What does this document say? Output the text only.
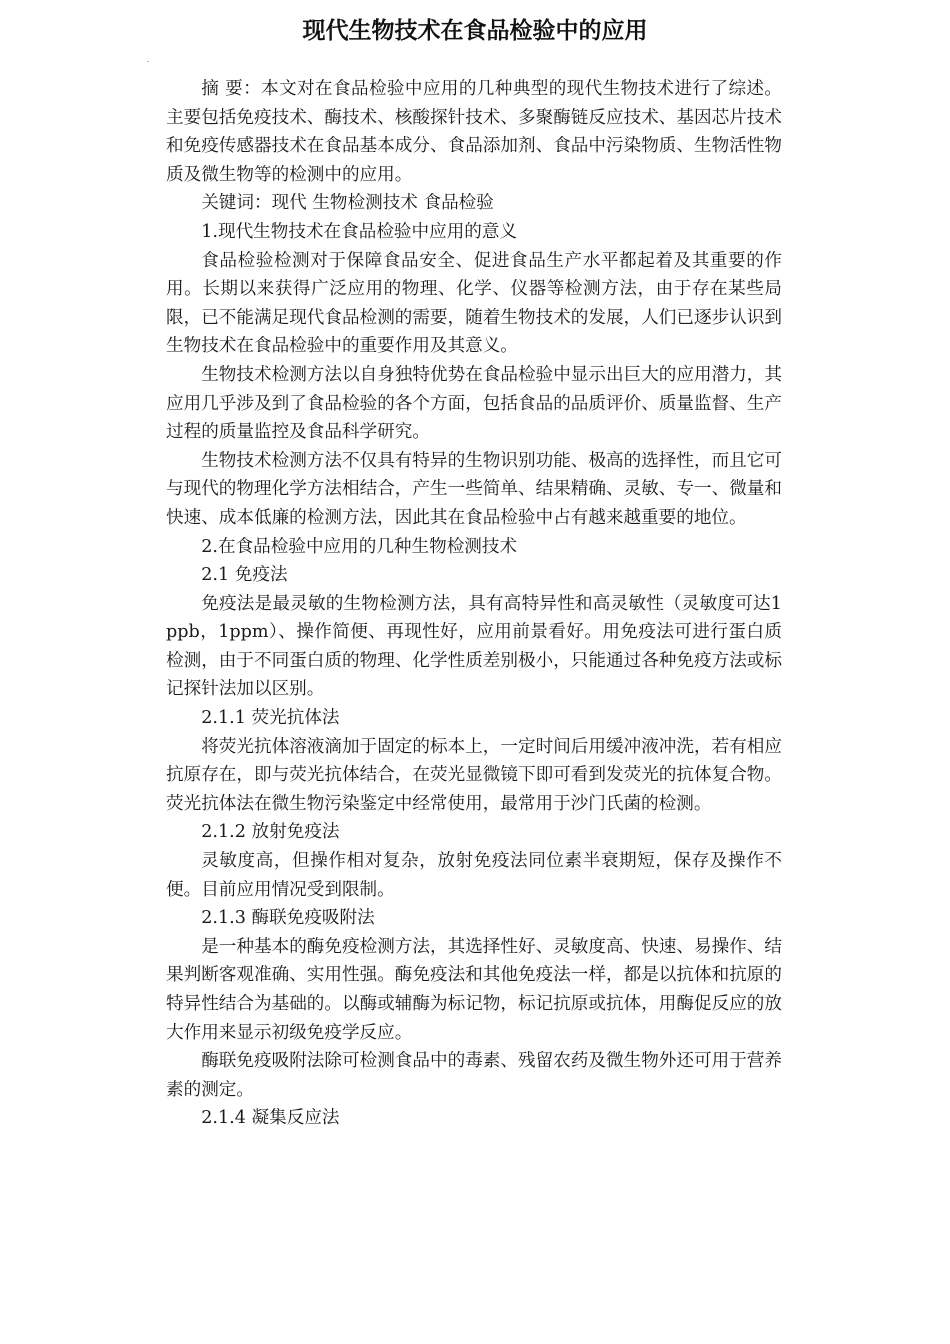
现代生物技术在食品检验中的应用

摘 要：本文对在食品检验中应用的几种典型的现代生物技术进行了综述。主要包括免疫技术、酶技术、核酸探针技术、多聚酶链反应技术、基因芯片技术和免疫传感器技术在食品基本成分、食品添加剂、食品中污染物质、生物活性物质及微生物等的检测中的应用。

关键词：现代 生物检测技术 食品检验

1.现代生物技术在食品检验中应用的意义

食品检验检测对于保障食品安全、促进食品生产水平都起着及其重要的作用。长期以来获得广泛应用的物理、化学、仪器等检测方法，由于存在某些局限，已不能满足现代食品检测的需要，随着生物技术的发展，人们已逐步认识到生物技术在食品检验中的重要作用及其意义。

生物技术检测方法以自身独特优势在食品检验中显示出巨大的应用潜力，其应用几乎涉及到了食品检验的各个方面，包括食品的品质评价、质量监督、生产过程的质量监控及食品科学研究。

生物技术检测方法不仅具有特异的生物识别功能、极高的选择性，而且它可与现代的物理化学方法相结合，产生一些简单、结果精确、灵敏、专一、微量和快速、成本低廉的检测方法，因此其在食品检验中占有越来越重要的地位。

2.在食品检验中应用的几种生物检测技术

2.1 免疫法

免疫法是最灵敏的生物检测方法，具有高特异性和高灵敏性（灵敏度可达1ppb，1ppm）、操作简便、再现性好，应用前景看好。用免疫法可进行蛋白质检测，由于不同蛋白质的物理、化学性质差别极小，只能通过各种免疫方法或标记探针法加以区别。

2.1.1 荧光抗体法

将荧光抗体溶液滴加于固定的标本上，一定时间后用缓冲液冲洗，若有相应抗原存在，即与荧光抗体结合，在荧光显微镜下即可看到发荧光的抗体复合物。荧光抗体法在微生物污染鉴定中经常使用，最常用于沙门氏菌的检测。

2.1.2 放射免疫法

灵敏度高，但操作相对复杂，放射免疫法同位素半衰期短，保存及操作不便。目前应用情况受到限制。

2.1.3 酶联免疫吸附法

是一种基本的酶免疫检测方法，其选择性好、灵敏度高、快速、易操作、结果判断客观准确、实用性强。酶免疫法和其他免疫法一样，都是以抗体和抗原的特异性结合为基础的。以酶或辅酶为标记物，标记抗原或抗体，用酶促反应的放大作用来显示初级免疫学反应。

酶联免疫吸附法除可检测食品中的毒素、残留农药及微生物外还可用于营养素的测定。

2.1.4 凝集反应法
